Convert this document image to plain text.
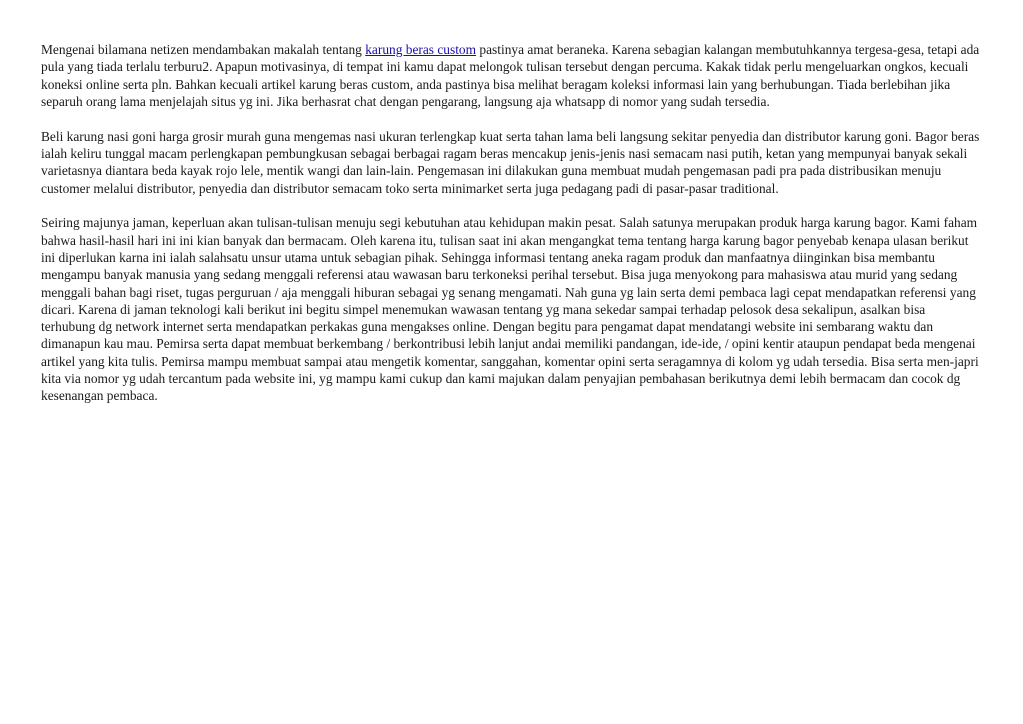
Mengenai bilamana netizen mendambakan makalah tentang karung beras custom pastinya amat beraneka. Karena sebagian kalangan membutuhkannya tergesa-gesa, tetapi ada pula yang tiada terlalu terburu2. Apapun motivasinya, di tempat ini kamu dapat melongok tulisan tersebut dengan percuma. Kakak tidak perlu mengeluarkan ongkos, kecuali koneksi online serta pln. Bahkan kecuali artikel karung beras custom, anda pastinya bisa melihat beragam koleksi informasi lain yang berhubungan. Tiada berlebihan jika separuh orang lama menjelajah situs yg ini. Jika berhasrat chat dengan pengarang, langsung aja whatsapp di nomor yang sudah tersedia.

Beli karung nasi goni harga grosir murah guna mengemas nasi ukuran terlengkap kuat serta tahan lama beli langsung sekitar penyedia dan distributor karung goni. Bagor beras ialah keliru tunggal macam perlengkapan pembungkusan sebagai berbagai ragam beras mencakup jenis-jenis nasi semacam nasi putih, ketan yang mempunyai banyak sekali varietasnya diantara beda kayak rojo lele, mentik wangi dan lain-lain. Pengemasan ini dilakukan guna membuat mudah pengemasan padi pra pada distribusikan menuju customer melalui distributor, penyedia dan distributor semacam toko serta minimarket serta juga pedagang padi di pasar-pasar traditional.

Seiring majunya jaman, keperluan akan tulisan-tulisan menuju segi kebutuhan atau kehidupan makin pesat. Salah satunya merupakan produk harga karung bagor. Kami faham bahwa hasil-hasil hari ini ini kian banyak dan bermacam. Oleh karena itu, tulisan saat ini akan mengangkat tema tentang harga karung bagor penyebab kenapa ulasan berikut ini diperlukan karna ini ialah salahsatu unsur utama untuk sebagian pihak. Sehingga informasi tentang aneka ragam produk dan manfaatnya diinginkan bisa membantu mengampu banyak manusia yang sedang menggali referensi atau wawasan baru terkoneksi perihal tersebut. Bisa juga menyokong para mahasiswa atau murid yang sedang menggali bahan bagi riset, tugas perguruan / aja menggali hiburan sebagai yg senang mengamati. Nah guna yg lain serta demi pembaca lagi cepat mendapatkan referensi yang dicari. Karena di jaman teknologi kali berikut ini begitu simpel menemukan wawasan tentang yg mana sekedar sampai terhadap pelosok desa sekalipun, asalkan bisa terhubung dg network internet serta mendapatkan perkakas guna mengakses online. Dengan begitu para pengamat dapat mendatangi website ini sembarang waktu dan dimanapun kau mau. Pemirsa serta dapat membuat berkembang / berkontribusi lebih lanjut andai memiliki pandangan, ide-ide, / opini kentir ataupun pendapat beda mengenai artikel yang kita tulis. Pemirsa mampu membuat sampai atau mengetik komentar, sanggahan, komentar opini serta seragamnya di kolom yg udah tersedia. Bisa serta men-japri kita via nomor yg udah tercantum pada website ini, yg mampu kami cukup dan kami majukan dalam penyajian pembahasan berikutnya demi lebih bermacam dan cocok dg kesenangan pembaca.
